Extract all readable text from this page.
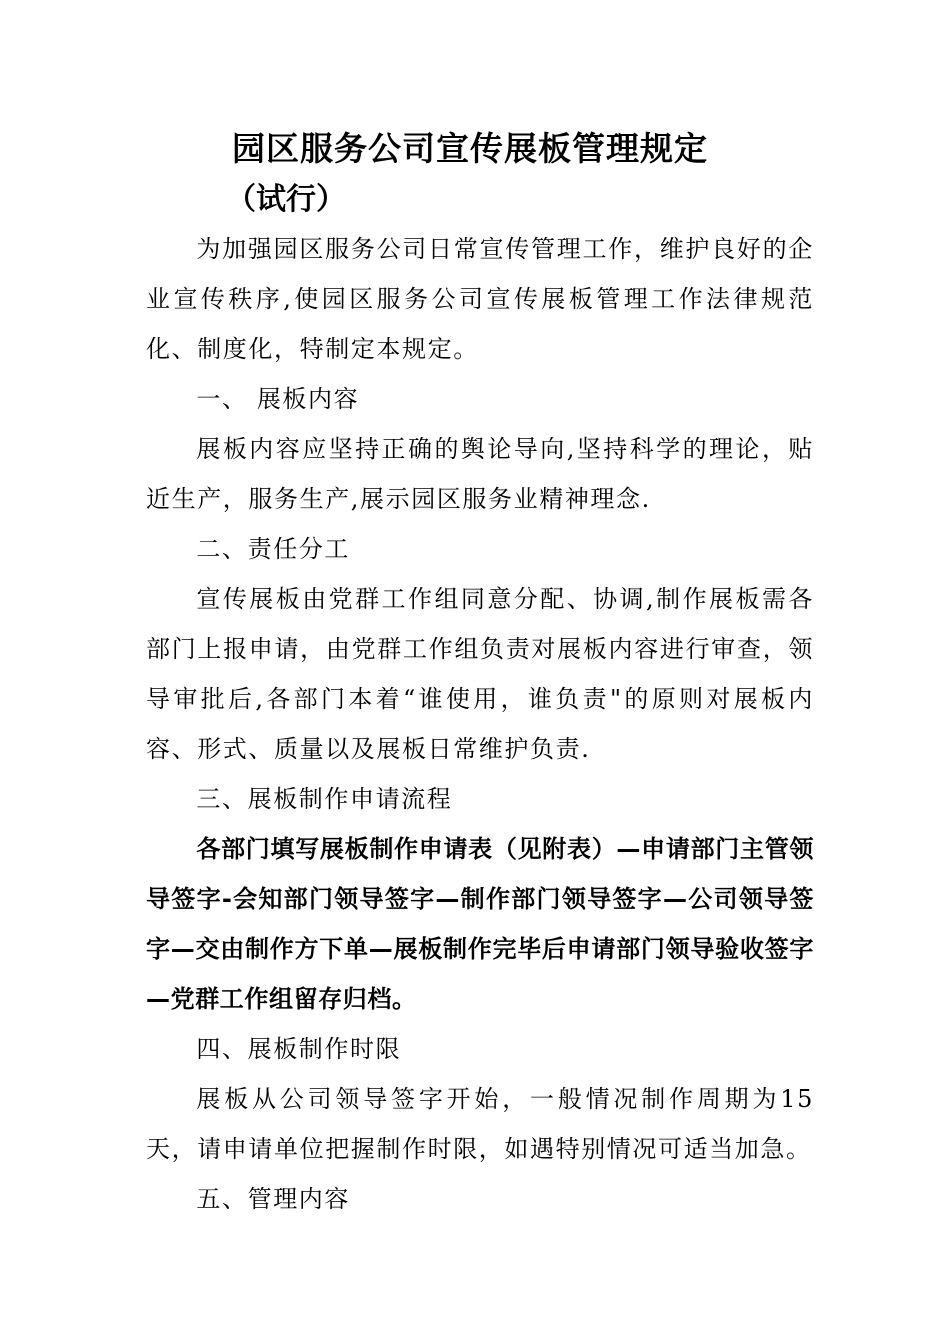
园区服务公司宣传展板管理规定
（试行）

为加强园区服务公司日常宣传管理工作，维护良好的企业宣传秩序,使园区服务公司宣传展板管理工作法律规范化、制度化，特制定本规定。

一、 展板内容

展板内容应坚持正确的舆论导向,坚持科学的理论，贴近生产，服务生产,展示园区服务业精神理念.

二、责任分工

宣传展板由党群工作组同意分配、协调,制作展板需各部门上报申请，由党群工作组负责对展板内容进行审查，领导审批后,各部门本着“谁使用，谁负责"的原则对展板内容、形式、质量以及展板日常维护负责.

三、展板制作申请流程

各部门填写展板制作申请表（见附表）—申请部门主管领导签字-会知部门领导签字—制作部门领导签字—公司领导签字—交由制作方下单—展板制作完毕后申请部门领导验收签字—党群工作组留存归档。

四、展板制作时限

展板从公司领导签字开始，一般情况制作周期为15天，请申请单位把握制作时限，如遇特别情况可适当加急。

五、管理内容
